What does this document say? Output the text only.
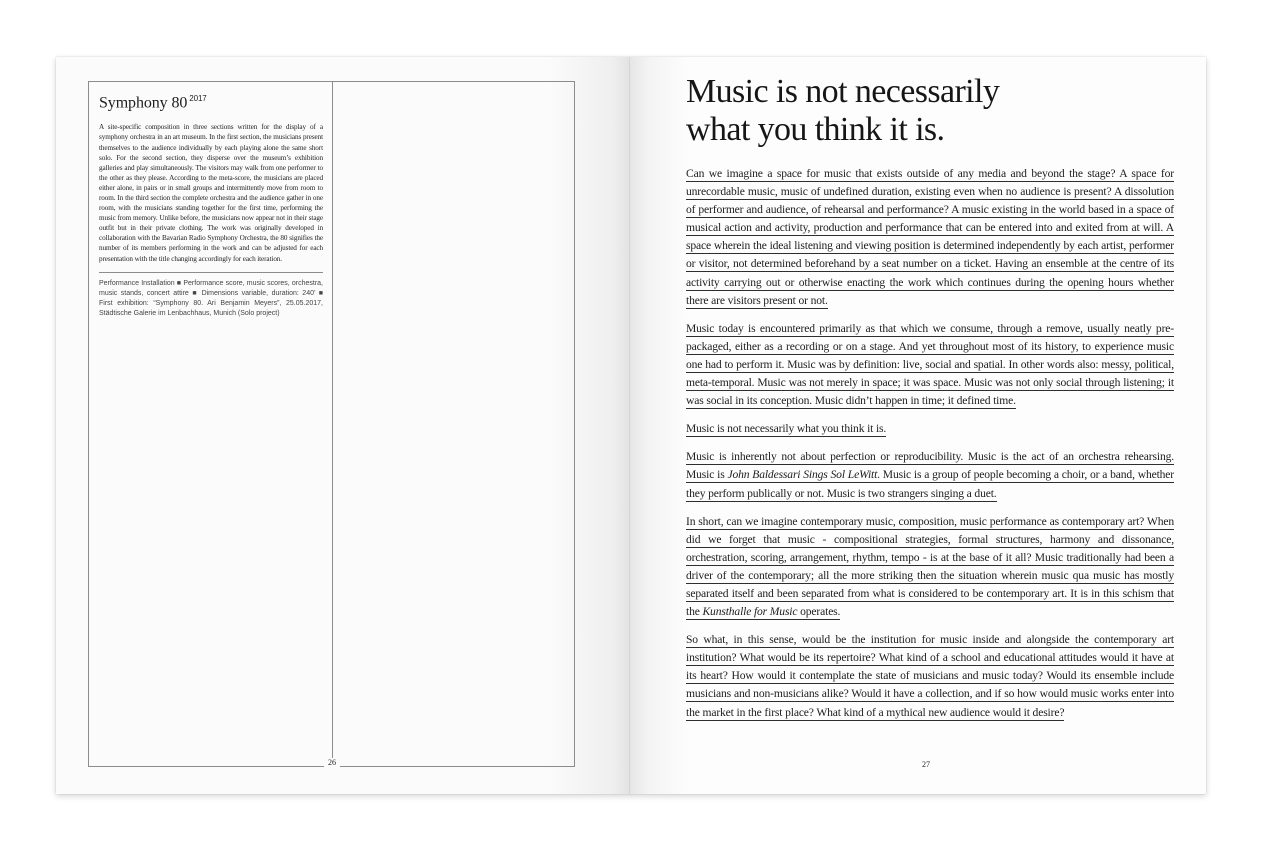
Symphony 80 $^{2017}$
A site-specific composition in three sections written for the display of a symphony orchestra in an art museum. In the first section, the musicians present themselves to the audience individually by each playing alone the same short solo. For the second section, they disperse over the museum’s exhibition galleries and play simultaneously. The visitors may walk from one performer to the other as they please. According to the meta-score, the musicians are placed either alone, in pairs or in small groups and intermittently move from room to room. In the third section the complete orchestra and the audience gather in one room, with the musicians standing together for the first time, performing the music from memory. Unlike before, the musicians now appear not in their stage outfit but in their private clothing. The work was originally developed in collaboration with the Bavarian Radio Symphony Orchestra, the 80 signifies the number of its members performing in the work and can be adjusted for each presentation with the title changing accordingly for each iteration.
Performance Installation ■ Performance score, music scores, orchestra, music stands, concert attire ■ Dimensions variable, duration: 240’ ■ First exhibition: “Symphony 80. Ari Benjamin Meyers”, 25.05.2017, Städtische Galerie im Lenbachhaus, Munich (Solo project)
26
Music is not necessarily
what you think it is.

Can we imagine a space for music that exists outside of any media and beyond the stage? A space for unrecordable music, music of undefined duration, existing even when no audience is present? A dissolution of performer and audience, of rehearsal and performance? A music existing in the world based in a space of musical action and activity, production and performance that can be entered into and exited from at will. A space wherein the ideal listening and viewing position is determined independently by each artist, performer or visitor, not determined beforehand by a seat number on a ticket. Having an ensemble at the centre of its activity carrying out or otherwise enacting the work which continues during the opening hours whether there are visitors present or not.

Music today is encountered primarily as that which we consume, through a remove, usually neatly pre-packaged, either as a recording or on a stage. And yet throughout most of its history, to experience music one had to perform it. Music was by definition: live, social and spatial. In other words also: messy, political, meta-temporal. Music was not merely in space; it was space. Music was not only social through listening; it was social in its conception. Music didn’t happen in time; it defined time.

Music is not necessarily what you think it is.

Music is inherently not about perfection or reproducibility. Music is the act of an orchestra rehearsing. Music is John Baldessari Sings Sol LeWitt. Music is a group of people becoming a choir, or a band, whether they perform publically or not. Music is two strangers singing a duet.

In short, can we imagine contemporary music, composition, music performance as contemporary art? When did we forget that music - compositional strategies, formal structures, harmony and dissonance, orchestration, scoring, arrangement, rhythm, tempo - is at the base of it all? Music traditionally had been a driver of the contemporary; all the more striking then the situation wherein music qua music has mostly separated itself and been separated from what is considered to be contemporary art. It is in this schism that the Kunsthalle for Music operates.

So what, in this sense, would be the institution for music inside and alongside the contemporary art institution? What would be its repertoire? What kind of a school and educational attitudes would it have at its heart? How would it contemplate the state of musicians and music today? Would its ensemble include musicians and non-musicians alike? Would it have a collection, and if so how would music works enter into the market in the first place? What kind of a mythical new audience would it desire?

27
